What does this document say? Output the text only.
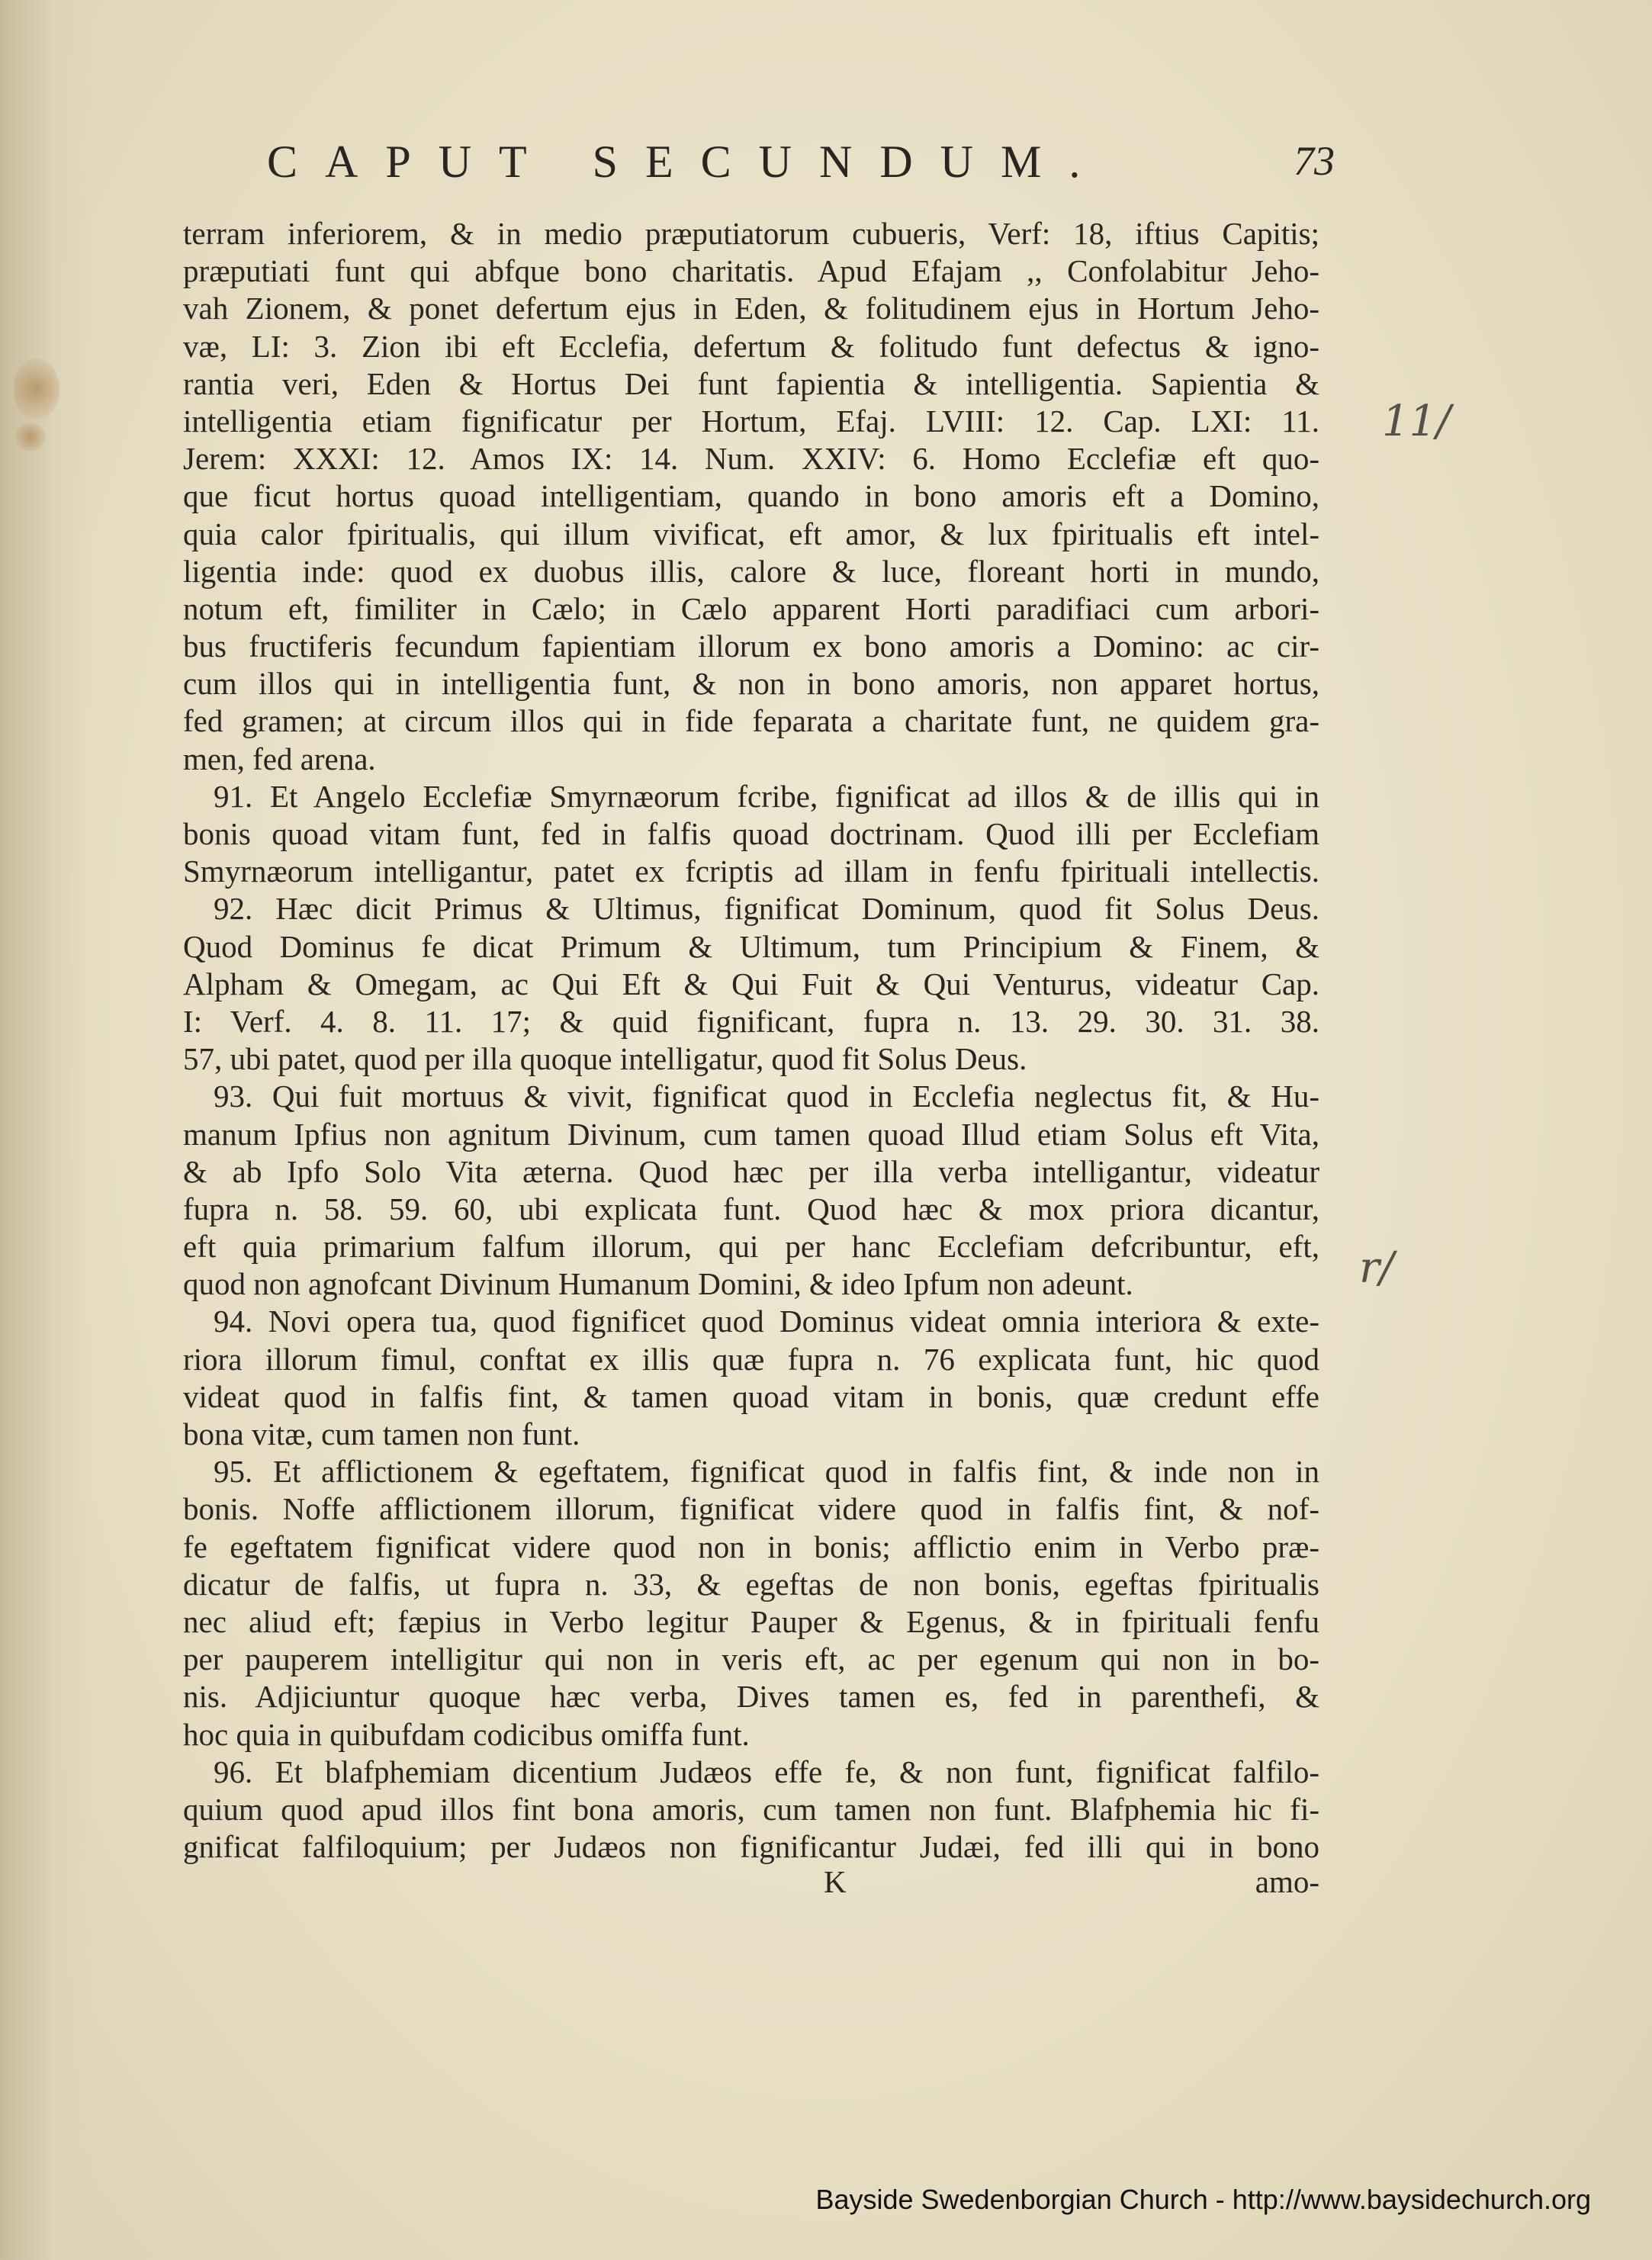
CAPUT SECUNDUM.	73
terram inferiorem, & in medio præputiatorum cubueris, Verf: 18, iftius Capitis;
præputiati funt qui abfque bono charitatis. Apud Efajam ,, Confolabitur Jeho-
vah Zionem, & ponet defertum ejus in Eden, & folitudinem ejus in Hortum Jeho-
væ, LI: 3. Zion ibi eft Ecclefia, defertum & folitudo funt defectus & igno-
rantia veri, Eden & Hortus Dei funt fapientia & intelligentia. Sapientia &
intelligentia etiam fignificatur per Hortum, Efaj. LVIII: 12. Cap. LXI: 11.
Jerem: XXXI: 12. Amos IX: 14. Num. XXIV: 6. Homo Ecclefiæ eft quo-
que ficut hortus quoad intelligentiam, quando in bono amoris eft a Domino,
quia calor fpiritualis, qui illum vivificat, eft amor, & lux fpiritualis eft intel-
ligentia inde: quod ex duobus illis, calore & luce, floreant horti in mundo,
notum eft, fimiliter in Cælo; in Cælo apparent Horti paradifiaci cum arbori-
bus fructiferis fecundum fapientiam illorum ex bono amoris a Domino: ac cir-
cum illos qui in intelligentia funt, & non in bono amoris, non apparet hortus,
fed gramen; at circum illos qui in fide feparata a charitate funt, ne quidem gra-
men, fed arena.
91. Et Angelo Ecclefiæ Smyrnæorum fcribe, fignificat ad illos & de illis qui in
bonis quoad vitam funt, fed in falfis quoad doctrinam. Quod illi per Ecclefiam
Smyrnæorum intelligantur, patet ex fcriptis ad illam in fenfu fpirituali intellectis.
92. Hæc dicit Primus & Ultimus, fignificat Dominum, quod fit Solus Deus.
Quod Dominus fe dicat Primum & Ultimum, tum Principium & Finem, &
Alpham & Omegam, ac Qui Eft & Qui Fuit & Qui Venturus, videatur Cap.
I: Verf. 4. 8. 11. 17; & quid fignificant, fupra n. 13. 29. 30. 31. 38.
57, ubi patet, quod per illa quoque intelligatur, quod fit Solus Deus.
93. Qui fuit mortuus & vivit, fignificat quod in Ecclefia neglectus fit, & Hu-
manum Ipfius non agnitum Divinum, cum tamen quoad Illud etiam Solus eft Vita,
& ab Ipfo Solo Vita æterna. Quod hæc per illa verba intelligantur, videatur
fupra n. 58. 59. 60, ubi explicata funt. Quod hæc & mox priora dicantur,
eft quia primarium falfum illorum, qui per hanc Ecclefiam defcribuntur, eft,
quod non agnofcant Divinum Humanum Domini, & ideo Ipfum non adeunt.
94. Novi opera tua, quod fignificet quod Dominus videat omnia interiora & exte-
riora illorum fimul, conftat ex illis quæ fupra n. 76 explicata funt, hic quod
videat quod in falfis fint, & tamen quoad vitam in bonis, quæ credunt effe
bona vitæ, cum tamen non funt.
95. Et afflictionem & egeftatem, fignificat quod in falfis fint, & inde non in
bonis. Noffe afflictionem illorum, fignificat videre quod in falfis fint, & nof-
fe egeftatem fignificat videre quod non in bonis; afflictio enim in Verbo præ-
dicatur de falfis, ut fupra n. 33, & egeftas de non bonis, egeftas fpiritualis
nec aliud eft; fæpius in Verbo legitur Pauper & Egenus, & in fpirituali fenfu
per pauperem intelligitur qui non in veris eft, ac per egenum qui non in bo-
nis. Adjiciuntur quoque hæc verba, Dives tamen es, fed in parenthefi, &
hoc quia in quibufdam codicibus omiffa funt.
96. Et blafphemiam dicentium Judæos effe fe, & non funt, fignificat falfilo-
quium quod apud illos fint bona amoris, cum tamen non funt. Blafphemia hic fi-
gnificat falfiloquium; per Judæos non fignificantur Judæi, fed illi qui in bono
K	amo-
11/
r/
Bayside Swedenborgian Church - http://www.baysidechurch.org
